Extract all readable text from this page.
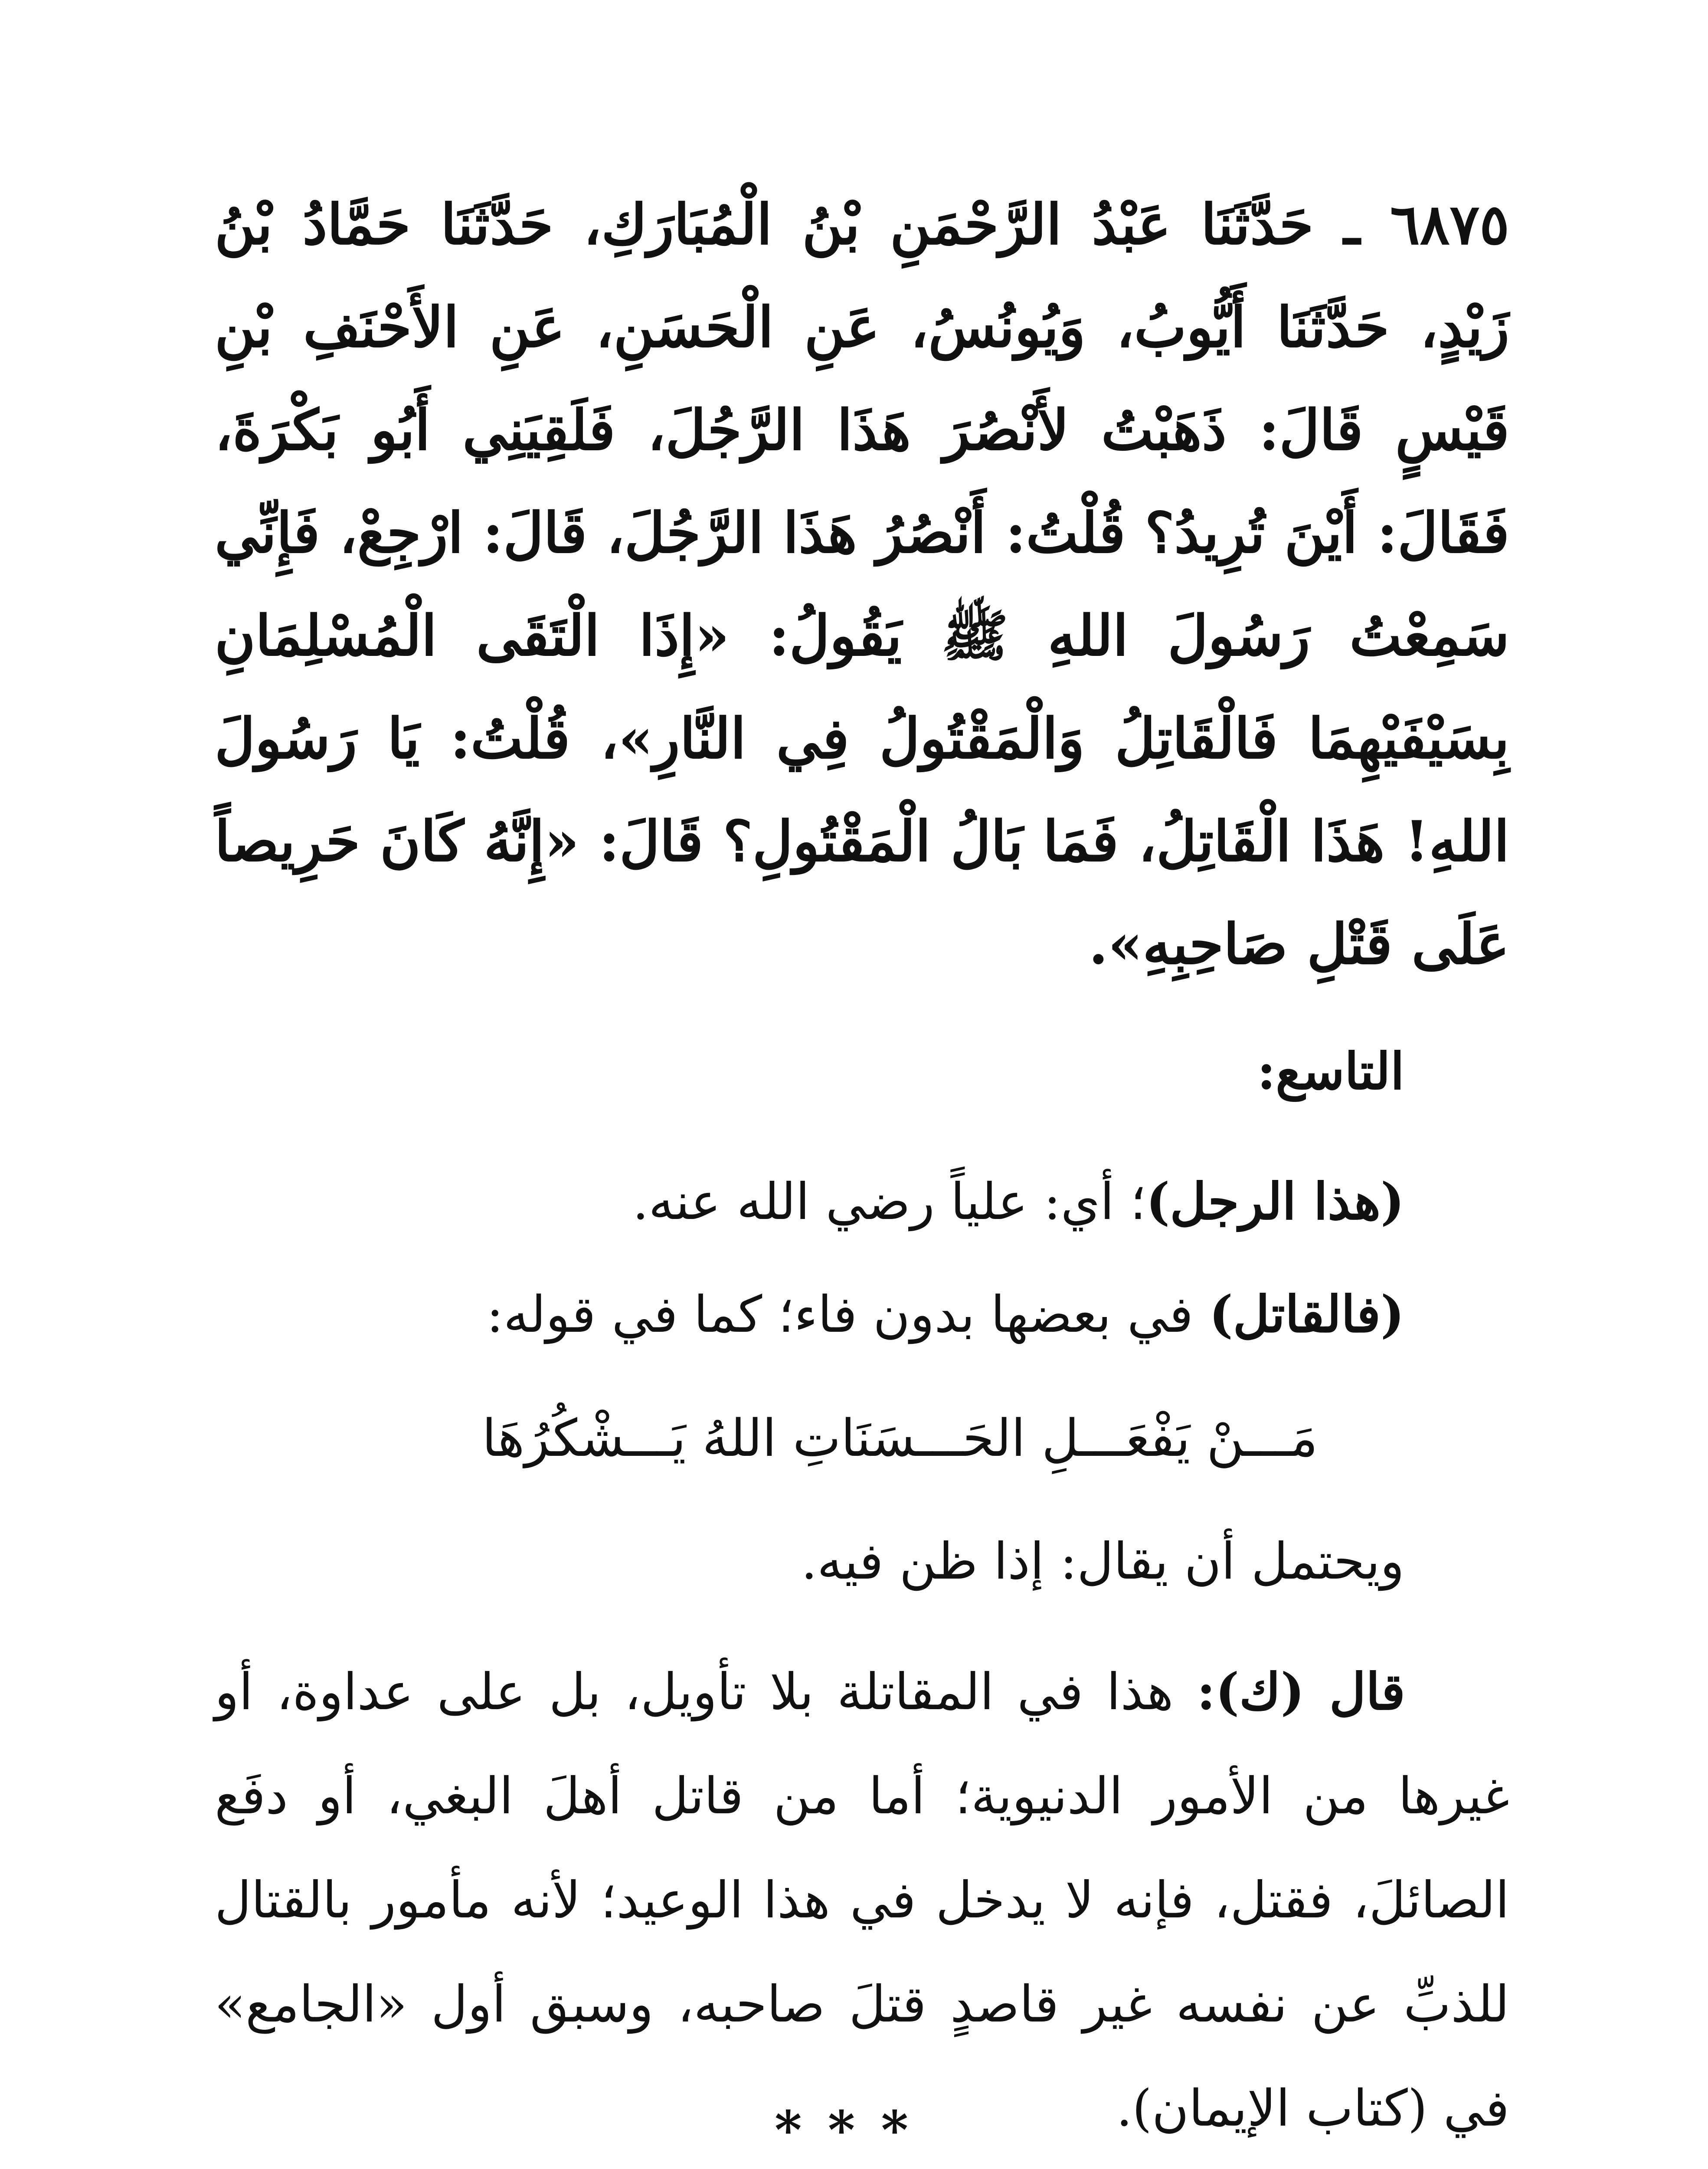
٦٨٧٥ ـ حَدَّثَنَا عَبْدُ الرَّحْمَنِ بْنُ الْمُبَارَكِ، حَدَّثَنَا حَمَّادُ بْنُ زَيْدٍ، حَدَّثَنَا أَيُّوبُ، وَيُونُسُ، عَنِ الْحَسَنِ، عَنِ الأَحْنَفِ بْنِ قَيْسٍ قَالَ: ذَهَبْتُ لأَنْصُرَ هَذَا الرَّجُلَ، فَلَقِيَنِي أَبُو بَكْرَةَ، فَقَالَ: أَيْنَ تُرِيدُ؟ قُلْتُ: أَنْصُرُ هَذَا الرَّجُلَ، قَالَ: ارْجِعْ، فَإِنِّي سَمِعْتُ رَسُولَ اللهِ ﷺ يَقُولُ: «إِذَا الْتَقَى الْمُسْلِمَانِ بِسَيْفَيْهِمَا فَالْقَاتِلُ وَالْمَقْتُولُ فِي النَّارِ»، قُلْتُ: يَا رَسُولَ اللهِ! هَذَا الْقَاتِلُ، فَمَا بَالُ الْمَقْتُولِ؟ قَالَ: «إِنَّهُ كَانَ حَرِيصاً عَلَى قَتْلِ صَاحِبِهِ».
التاسع:
(هذا الرجل)؛ أي: علياً رضي الله عنه.
(فالقاتل) في بعضها بدون فاء؛ كما في قوله:
مَـــنْ يَفْعَـــلِ الحَـــسَنَاتِ اللهُ يَـــشْكُرُهَا
ويحتمل أن يقال: إذا ظن فيه.
قال (ك): هذا في المقاتلة بلا تأويل، بل على عداوة، أو غيرها من الأمور الدنيوية؛ أما من قاتل أهلَ البغي، أو دفَع الصائلَ، فقتل، فإنه لا يدخل في هذا الوعيد؛ لأنه مأمور بالقتال للذبِّ عن نفسه غير قاصدٍ قتلَ صاحبه، وسبق أول «الجامع» في (كتاب الإيمان).
***
